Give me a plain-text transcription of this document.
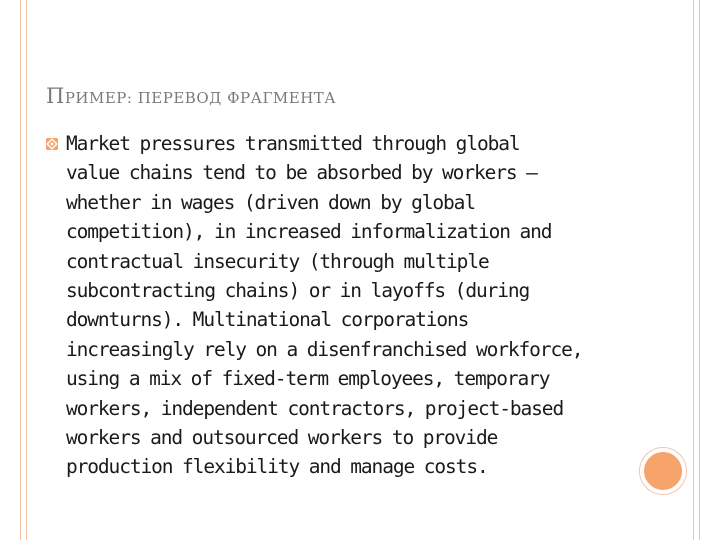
ПРИМЕР: ПЕРЕВОД ФРАГМЕНТА

Market pressures transmitted through global
value chains tend to be absorbed by workers —
whether in wages (driven down by global
competition), in increased informalization and
contractual insecurity (through multiple
subcontracting chains) or in layoffs (during
downturns). Multinational corporations
increasingly rely on a disenfranchised workforce,
using a mix of fixed-term employees, temporary
workers, independent contractors, project-based
workers and outsourced workers to provide
production flexibility and manage costs.
